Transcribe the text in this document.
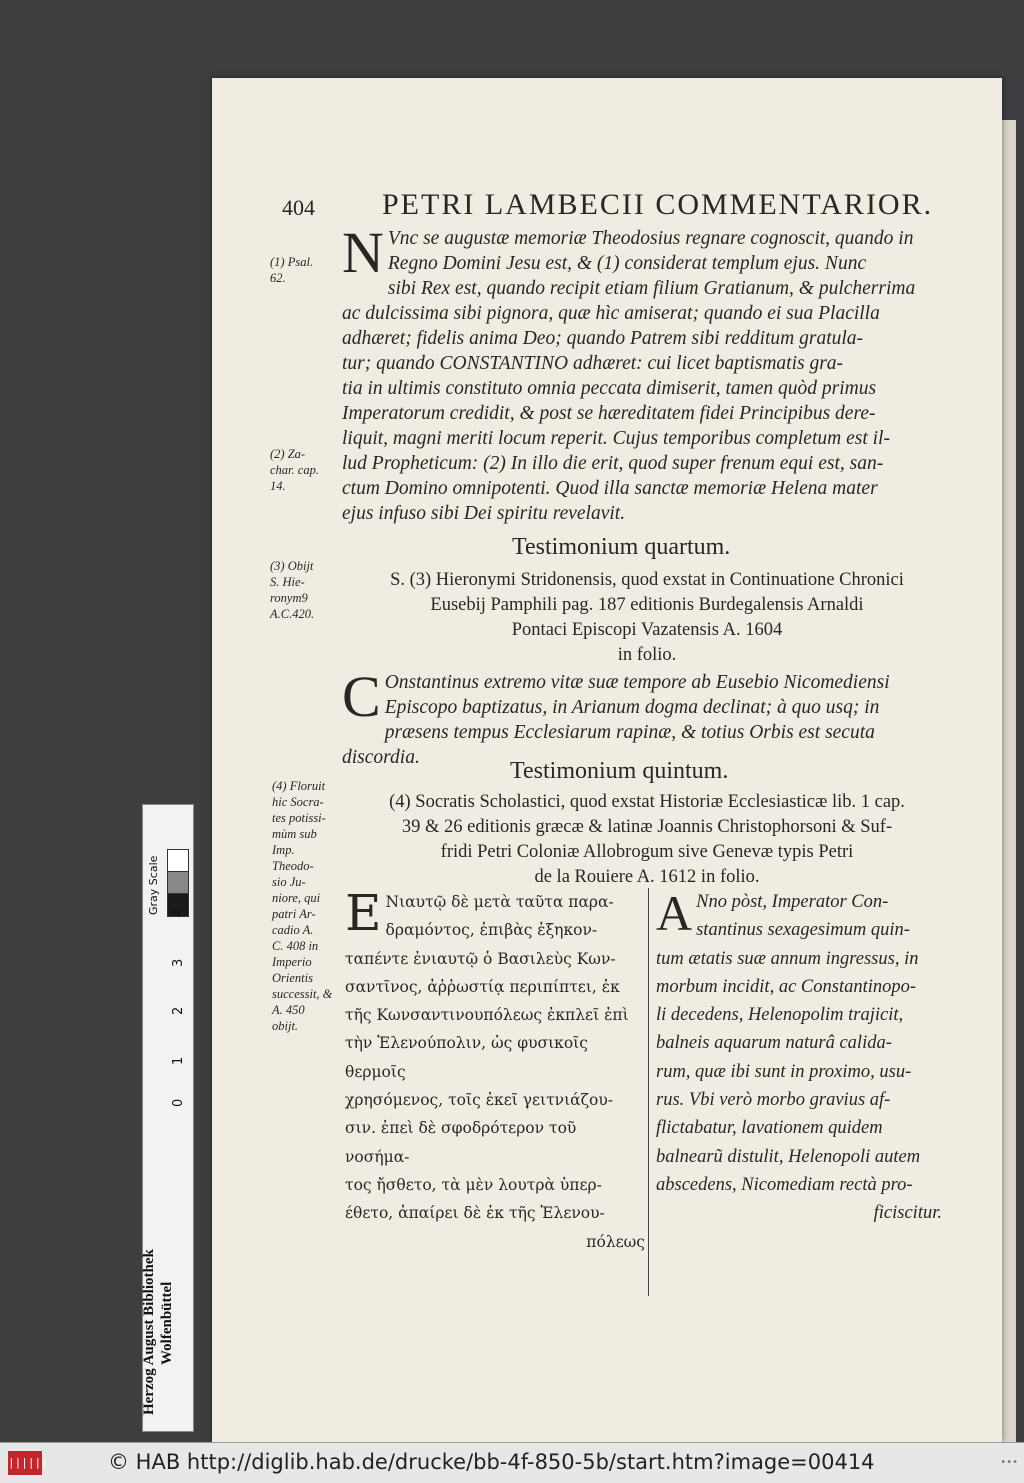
404 PETRI LAMBECII COMMENTARIOR.
(1) Psal.
62.
(2) Za-
char. cap.
14.
(3) Obijt
S. Hie-
ronym9
A.C.420.
(4) Floruit
hic Socra-
tes potissi-
mùm sub
Imp.
Theodo-
sio Ju-
niore, qui
patri Ar-
cadio A.
C. 408 in
Imperio
Orientis
successit, &
A. 450
obijt.
N Vnc se augustæ memoriæ Theodosius regnare cognoscit, quando in

Regno Domini Jesu est, & (1) considerat templum ejus. Nunc

sibi Rex est, quando recipit etiam filium Gratianum, & pulcherrima

ac dulcissima sibi pignora, quæ hìc amiserat; quando ei sua Placilla

adhæret; fidelis anima Deo; quando Patrem sibi redditum gratula-

tur; quando CONSTANTINO adhæret: cui licet baptismatis gra-

tia in ultimis constituto omnia peccata dimiserit, tamen quòd primus

Imperatorum credidit, & post se hæreditatem fidei Principibus dere-

liquit, magni meriti locum reperit. Cujus temporibus completum est il-

lud Propheticum: (2) In illo die erit, quod super frenum equi est, san-

ctum Domino omnipotenti. Quod illa sanctæ memoriæ Helena mater

ejus infuso sibi Dei spiritu revelavit.

Testimonium quartum.

S. (3) Hieronymi Stridonensis, quod exstat in Continuatione Chronici

Eusebij Pamphili pag. 187 editionis Burdegalensis Arnaldi

Pontaci Episcopi Vazatensis A. 1604

in folio.

C Onstantinus extremo vitæ suæ tempore ab Eusebio Nicomediensi

Episcopo baptizatus, in Arianum dogma declinat; à quo usq; in

præsens tempus Ecclesiarum rapinæ, & totius Orbis est secuta discordia.

Testimonium quintum.

(4) Socratis Scholastici, quod exstat Historiæ Ecclesiasticæ lib. 1 cap.

39 & 26 editionis græcæ & latinæ Joannis Christophorsoni & Suf-

fridi Petri Coloniæ Allobrogum sive Genevæ typis Petri

de la Rouiere A. 1612 in folio.

E Νιαυτῷ δὲ μετὰ ταῦτα παρα-

δραμόντος, ἐπιβὰς ἑξηκον-

ταπέντε ἐνιαυτῷ ὁ Βασιλεὺς Κων-

σαντῖνος, ἀῤῥωστίᾳ περιπίπτει, ἐκ

τῆς Κωνσαντινουπόλεως ἐκπλεῖ ἐπὶ

τὴν Ἑλενούπολιν, ὡς φυσικοῖς θερμοῖς

χρησόμενος, τοῖς ἐκεῖ γειτνιάζου-

σιν. ἐπεὶ δὲ σφοδρότερον τοῦ νοσήμα-

τος ἤσθετο, τὰ μὲν λουτρὰ ὑπερ-

έθετο, ἀπαίρει δὲ ἐκ τῆς Ἑλενου-

πόλεως

A Nno pòst, Imperator Con-

stantinus sexagesimum quin-

tum ætatis suæ annum ingressus, in

morbum incidit, ac Constantinopo-

li decedens, Helenopolim trajicit,

balneis aquarum naturâ calida-

rum, quæ ibi sunt in proximo, usu-

rus. Vbi verò morbo gravius af-

flictabatur, lavationem quidem

balnearũ distulit, Helenopoli autem

abscedens, Nicomediam rectà pro-

ficiscitur.

Herzog August Bibliothek Wolfenbüttel
Gray Scale
0
1
2
3
4
||||||	© HAB http://diglib.hab.de/drucke/bb-4f-850-5b/start.htm?image=00414	•••
